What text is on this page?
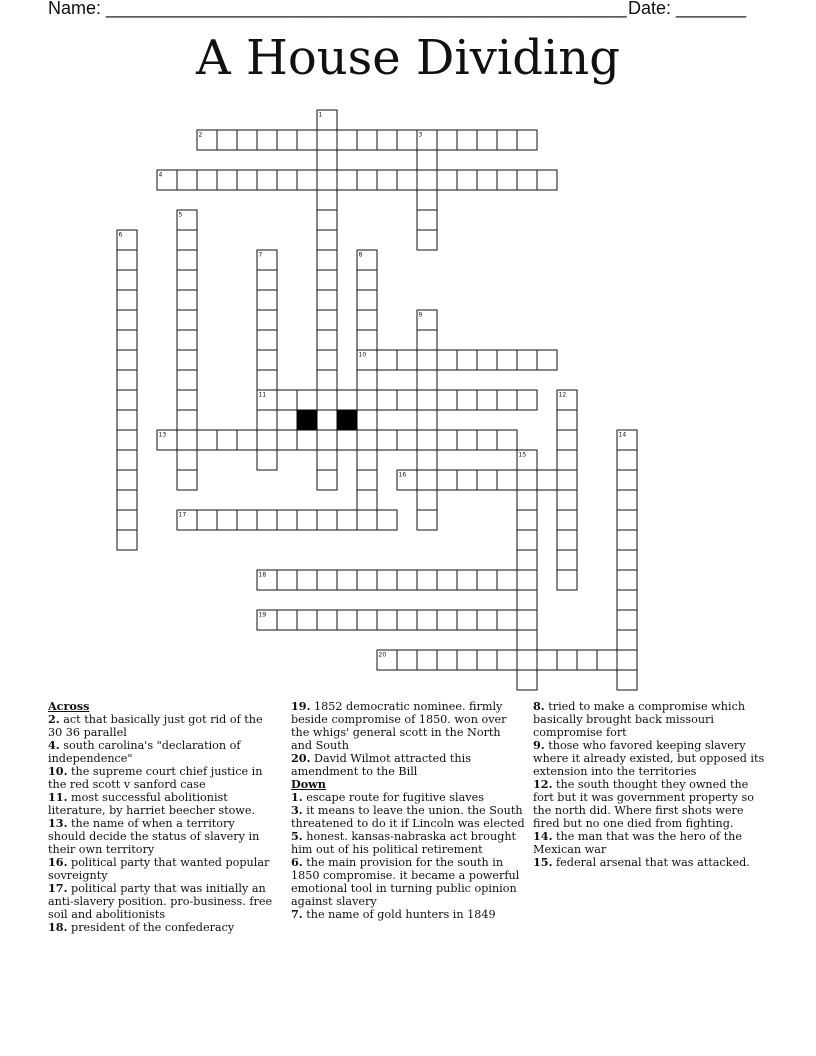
Name: ____________________________________________________ Date: _______
A House Dividing
2
4
10
11
13
16
17
18
19
20
1
3
5
6
7	8
9
12
14
15

Across

2. act that basically just got rid of the 30 36 parallel

4. south carolina's "declaration of independence"

10. the supreme court chief justice in the red scott v sanford case

11. most successful abolitionist literature, by harriet beecher stowe.

13. the name of when a territory should decide the status of slavery in their own territory

16. political party that wanted popular sovreignty

17. political party that was initially an anti-slavery position. pro-business. free soil and abolitionists

18. president of the confederacy

19. 1852 democratic nominee. firmly beside compromise of 1850. won over the whigs' general scott in the North and South

20. David Wilmot attracted this amendment to the Bill

Down

1. escape route for fugitive slaves

3. it means to leave the union. the South threatened to do it if Lincoln was elected

5. honest. kansas-nabraska act brought him out of his political retirement

6. the main provision for the south in 1850 compromise. it became a powerful emotional tool in turning public opinion against slavery

7. the name of gold hunters in 1849

8. tried to make a compromise which basically brought back missouri compromise fort

9. those who favored keeping slavery where it already existed, but opposed its extension into the territories

12. the south thought they owned the fort but it was government property so the north did. Where first shots were fired but no one died from fighting.

14. the man that was the hero of the Mexican war

15. federal arsenal that was attacked.
